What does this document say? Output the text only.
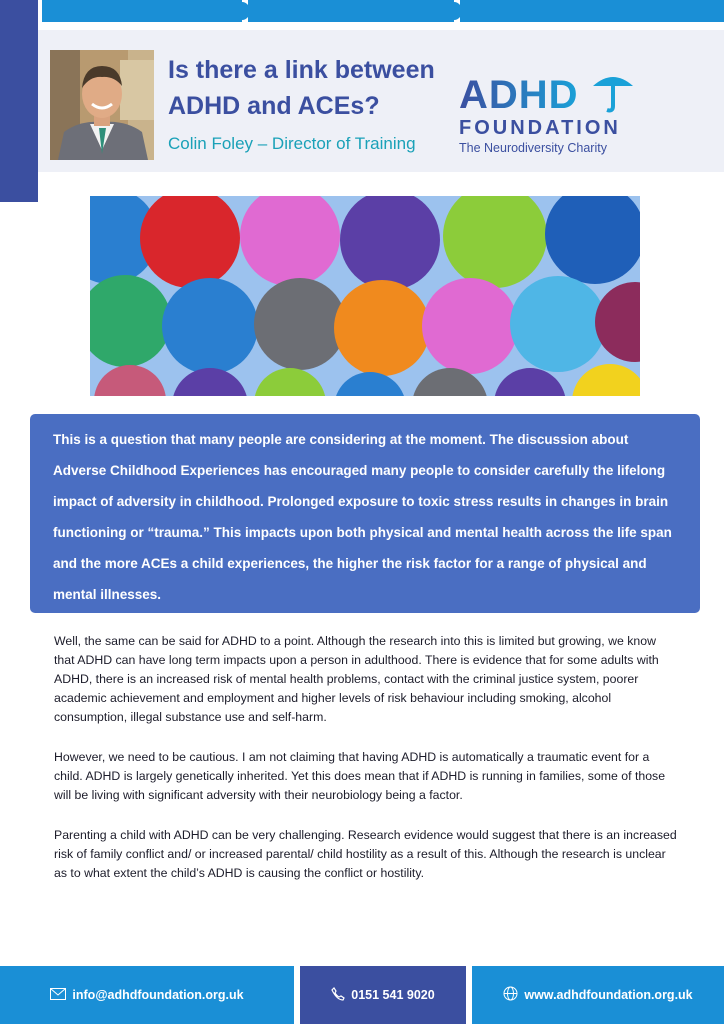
Is there a link between
ADHD and ACEs?
Colin Foley – Director of Training
ADHD
FOUNDATION
The Neurodiversity Charity

This is a question that many people are considering at the moment. The discussion about Adverse Childhood Experiences has encouraged many people to consider carefully the lifelong impact of adversity in childhood. Prolonged exposure to toxic stress results in changes in brain functioning or “trauma.” This impacts upon both physical and mental health across the life span and the more ACEs a child experiences, the higher the risk factor for a range of physical and mental illnesses.

Well, the same can be said for ADHD to a point. Although the research into this is limited but growing, we know that ADHD can have long term impacts upon a person in adulthood. There is evidence that for some adults with ADHD, there is an increased risk of mental health problems, contact with the criminal justice system, poorer academic achievement and employment and higher levels of risk behaviour including smoking, alcohol consumption, illegal substance use and self-harm.

However, we need to be cautious. I am not claiming that having ADHD is automatically a traumatic event for a child. ADHD is largely genetically inherited. Yet this does mean that if ADHD is running in families, some of those will be living with significant adversity with their neurobiology being a factor.

Parenting a child with ADHD can be very challenging. Research evidence would suggest that there is an increased risk of family conflict and/ or increased parental/ child hostility as a result of this. Although the research is unclear as to what extent the child’s ADHD is causing the conflict or hostility.

info@adhdfoundation.org.uk	0151 541 9020	www.adhdfoundation.org.uk
